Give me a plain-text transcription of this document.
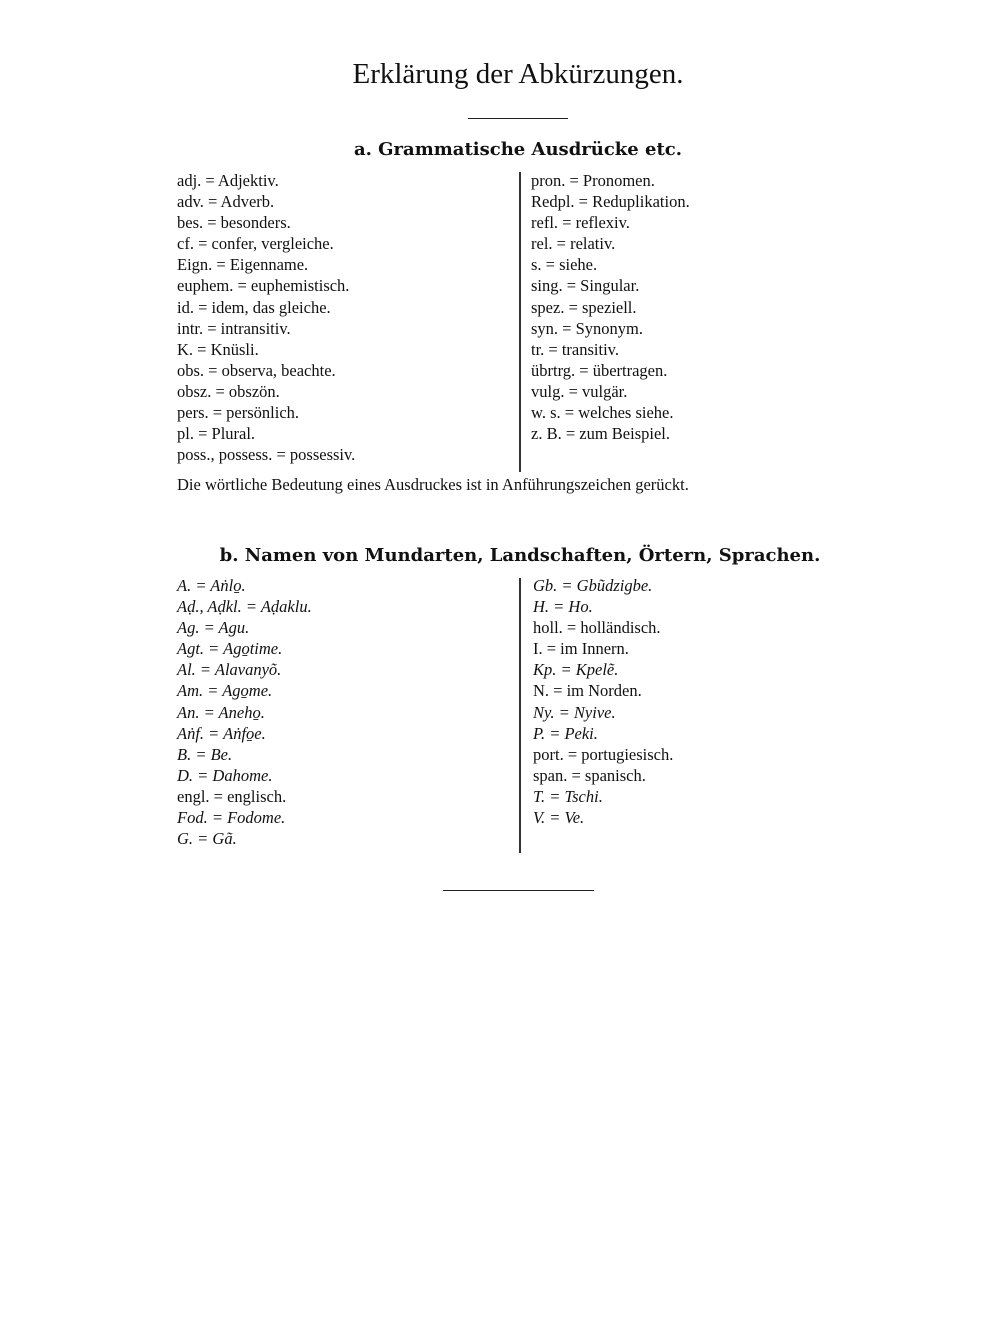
Erklärung der Abkürzungen.
a. Grammatische Ausdrücke etc.
adj. = Adjektiv.
adv. = Adverb.
bes. = besonders.
cf. = confer, vergleiche.
Eign. = Eigenname.
euphem. = euphemistisch.
id. = idem, das gleiche.
intr. = intransitiv.
K. = Knüsli.
obs. = observa, beachte.
obsz. = obszön.
pers. = persönlich.
pl. = Plural.
poss., possess. = possessiv.
pron. = Pronomen.
Redpl. = Reduplikation.
refl. = reflexiv.
rel. = relativ.
s. = siehe.
sing. = Singular.
spez. = speziell.
syn. = Synonym.
tr. = transitiv.
übrtrg. = übertragen.
vulg. = vulgär.
w. s. = welches siehe.
z. B. = zum Beispiel.
Die wörtliche Bedeutung eines Ausdruckes ist in Anführungszeichen gerückt.
b. Namen von Mundarten, Landschaften, Örtern, Sprachen.
A. = Aṅlo̱.
Aḍ., Aḍkl. = Aḍaklu.
Ag. = Agu.
Agt. = Ago̱time.
Al. = Alavanyõ.
Am. = Ago̱me.
An. = Aneho̱.
Aṅf. = Aṅfo̱e.
B. = Be.
D. = Dahome.
engl. = englisch.
Fod. = Fodome.
G. = Gã.
Gb. = Gbũdzigbe.
H. = Ho.
holl. = holländisch.
I. = im Innern.
Kp. = Kpelẽ.
N. = im Norden.
Ny. = Nyive.
P. = Peki.
port. = portugiesisch.
span. = spanisch.
T. = Tschi.
V. = Ve.
